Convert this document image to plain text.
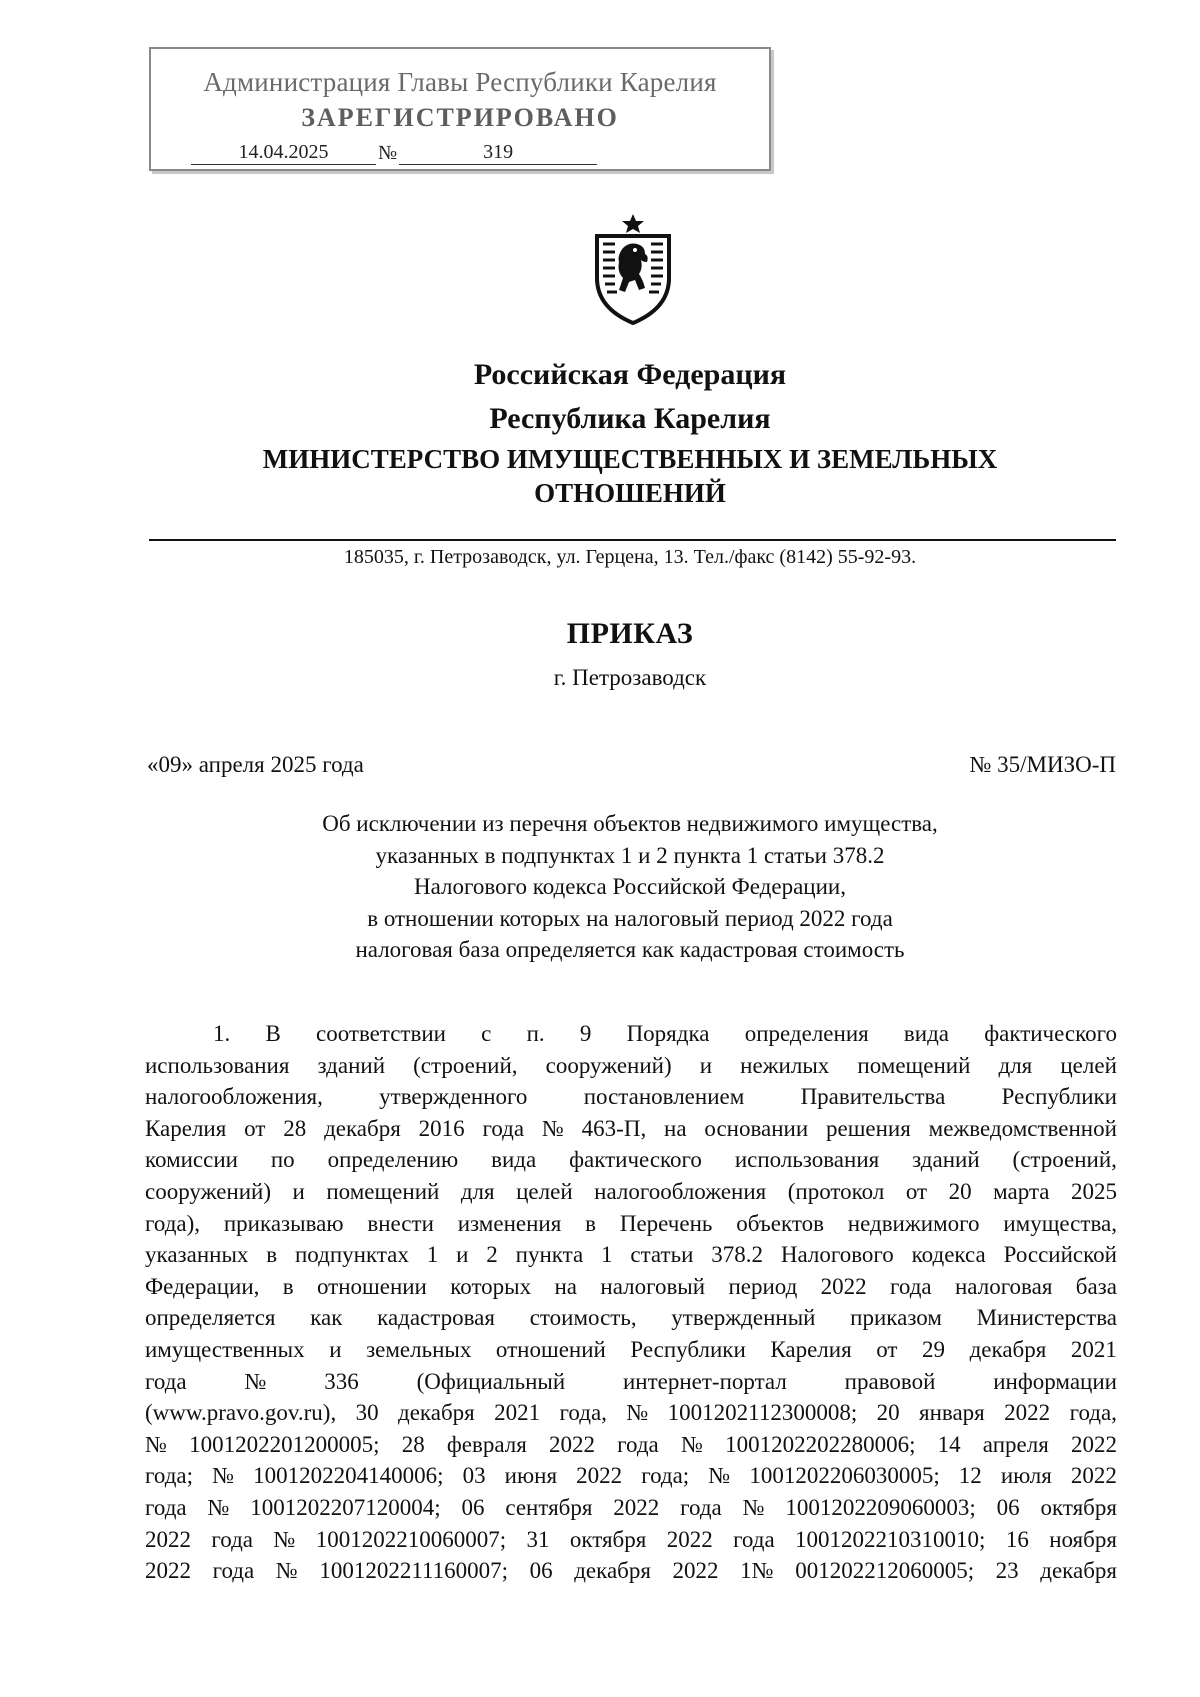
Администрация Главы Республики Карелия
ЗАРЕГИСТРИРОВАНО
14.04.2025	№	319
Российская Федерация
Республика Карелия
МИНИСТЕРСТВО ИМУЩЕСТВЕННЫХ И ЗЕМЕЛЬНЫХ
ОТНОШЕНИЙ
185035, г. Петрозаводск, ул. Герцена, 13. Тел./факс (8142) 55-92-93.
ПРИКАЗ
г. Петрозаводск
«09» апреля 2025 года	№ 35/МИЗО-П
Об исключении из перечня объектов недвижимого имущества,
указанных в подпунктах 1 и 2 пункта 1 статьи 378.2
Налогового кодекса Российской Федерации,
в отношении которых на налоговый период 2022 года
налоговая база определяется как кадастровая стоимость
1. В соответствии с п. 9 Порядка определения вида фактического
использования зданий (строений, сооружений) и нежилых помещений для целей
налогообложения, утвержденного постановлением Правительства Республики
Карелия от 28 декабря 2016 года № 463-П, на основании решения межведомственной
комиссии по определению вида фактического использования зданий (строений,
сооружений) и помещений для целей налогообложения (протокол от 20 марта 2025
года), приказываю внести изменения в Перечень объектов недвижимого имущества,
указанных в подпунктах 1 и 2 пункта 1 статьи 378.2 Налогового кодекса Российской
Федерации, в отношении которых на налоговый период 2022 года налоговая база
определяется как кадастровая стоимость, утвержденный приказом Министерства
имущественных и земельных отношений Республики Карелия от 29 декабря 2021
года	№	336	(Официальный	интернет-портал	правовой	информации
(www.pravo.gov.ru), 30 декабря 2021 года, № 1001202112300008; 20 января 2022 года,
№ 1001202201200005; 28 февраля 2022 года № 1001202202280006; 14 апреля 2022
года; № 1001202204140006; 03 июня 2022 года; № 1001202206030005; 12 июля 2022
года № 1001202207120004; 06 сентября 2022 года № 1001202209060003; 06 октября
2022 года № 1001202210060007; 31 октября 2022 года 1001202210310010; 16 ноября
2022 года № 1001202211160007; 06 декабря 2022 1№ 001202212060005; 23 декабря
